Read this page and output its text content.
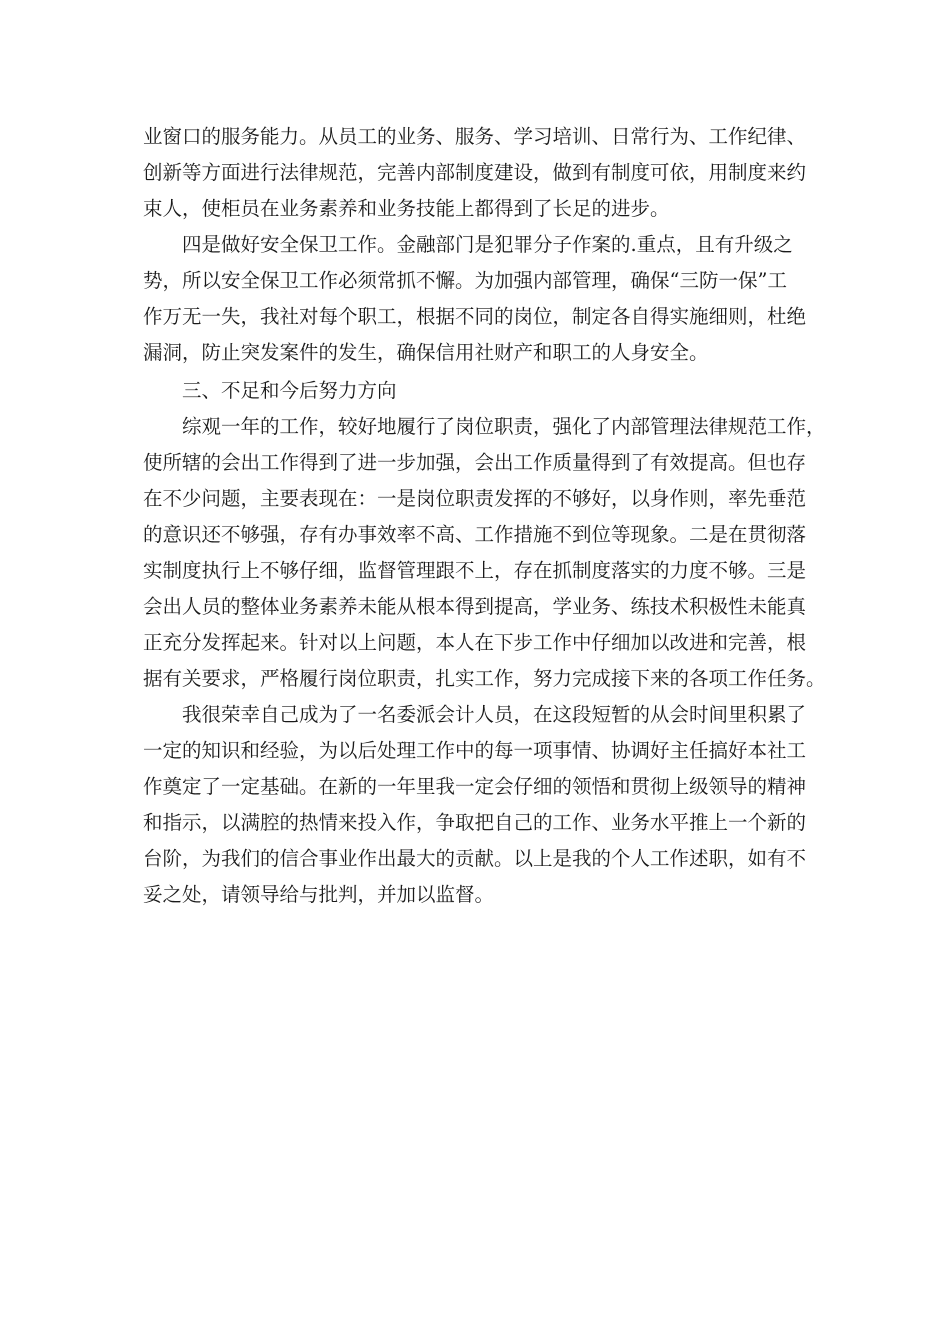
业窗口的服务能力。从员工的业务、服务、学习培训、日常行为、工作纪律、
创新等方面进行法律规范，完善内部制度建设，做到有制度可依，用制度来约
束人，使柜员在业务素养和业务技能上都得到了长足的进步。
　　四是做好安全保卫工作。金融部门是犯罪分子作案的.重点，且有升级之
势，所以安全保卫工作必须常抓不懈。为加强内部管理，确保“三防一保”工
作万无一失，我社对每个职工，根据不同的岗位，制定各自得实施细则，杜绝
漏洞，防止突发案件的发生，确保信用社财产和职工的人身安全。
　　三、不足和今后努力方向
　　综观一年的工作，较好地履行了岗位职责，强化了内部管理法律规范工作，
使所辖的会出工作得到了进一步加强，会出工作质量得到了有效提高。但也存
在不少问题，主要表现在：一是岗位职责发挥的不够好，以身作则，率先垂范
的意识还不够强，存有办事效率不高、工作措施不到位等现象。二是在贯彻落
实制度执行上不够仔细，监督管理跟不上，存在抓制度落实的力度不够。三是
会出人员的整体业务素养未能从根本得到提高，学业务、练技术积极性未能真
正充分发挥起来。针对以上问题，本人在下步工作中仔细加以改进和完善，根
据有关要求，严格履行岗位职责，扎实工作，努力完成接下来的各项工作任务。
　　我很荣幸自己成为了一名委派会计人员，在这段短暂的从会时间里积累了
一定的知识和经验，为以后处理工作中的每一项事情、协调好主任搞好本社工
作奠定了一定基础。在新的一年里我一定会仔细的领悟和贯彻上级领导的精神
和指示，以满腔的热情来投入作，争取把自己的工作、业务水平推上一个新的
台阶，为我们的信合事业作出最大的贡献。以上是我的个人工作述职，如有不
妥之处，请领导给与批判，并加以监督。
